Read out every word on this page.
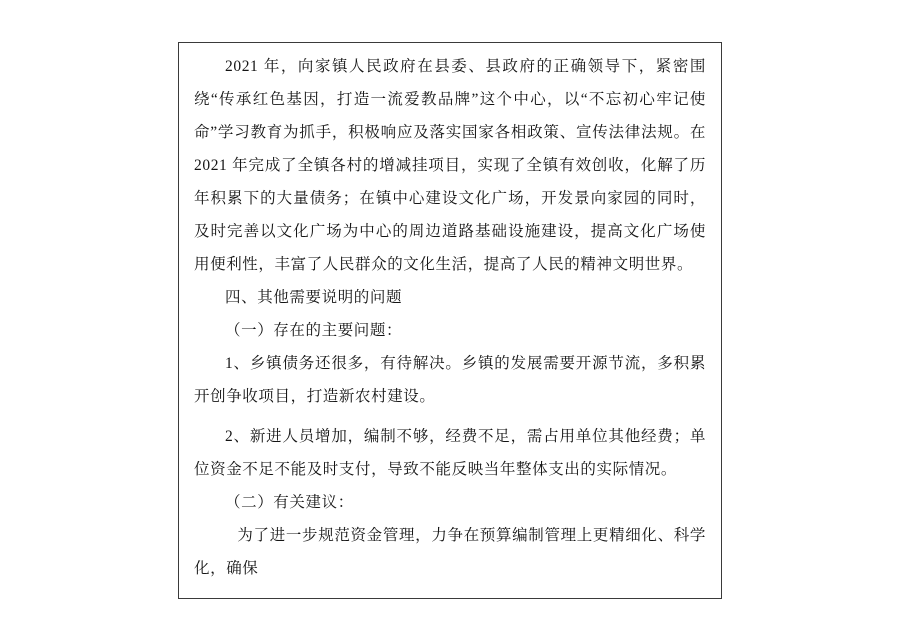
2021 年，向家镇人民政府在县委、县政府的正确领导下，紧密围绕“传承红色基因，打造一流爱教品牌”这个中心，以“不忘初心牢记使命”学习教育为抓手，积极响应及落实国家各相政策、宣传法律法规。在 2021 年完成了全镇各村的增减挂项目，实现了全镇有效创收，化解了历年积累下的大量债务；在镇中心建设文化广场，开发景向家园的同时，及时完善以文化广场为中心的周边道路基础设施建设，提高文化广场使用便利性，丰富了人民群众的文化生活，提高了人民的精神文明世界。

四、其他需要说明的问题

（一）存在的主要问题：

1、乡镇债务还很多，有待解决。乡镇的发展需要开源节流，多积累开创争收项目，打造新农村建设。

2、新进人员增加，编制不够，经费不足，需占用单位其他经费；单位资金不足不能及时支付，导致不能反映当年整体支出的实际情况。

（二）有关建议：

为了进一步规范资金管理，力争在预算编制管理上更精细化、科学化，确保
